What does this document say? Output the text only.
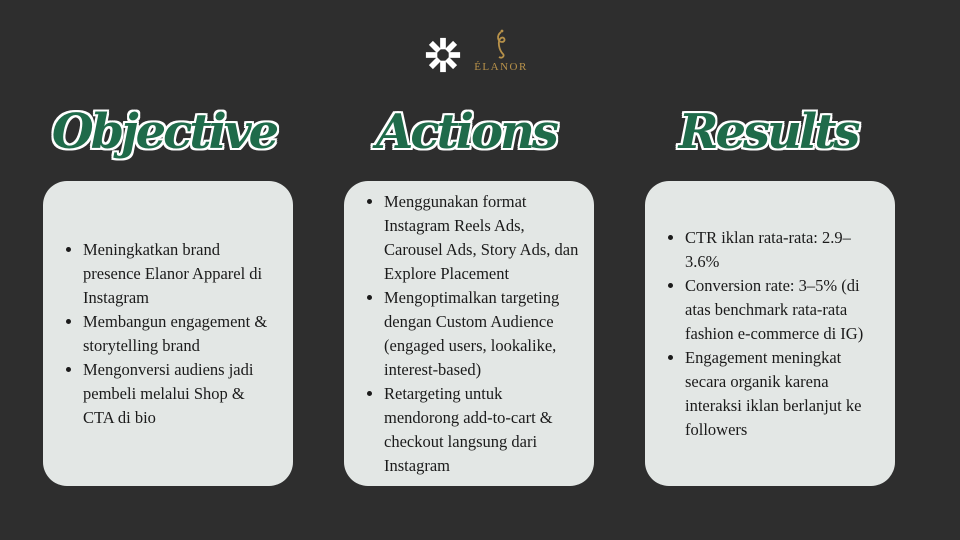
ÉLANOR
Objective	Actions	Results
• Meningkatkan brand presence Elanor Apparel di Instagram
• Membangun engagement & storytelling brand
• Mengonversi audiens jadi pembeli melalui Shop & CTA di bio
• Menggunakan format Instagram Reels Ads, Carousel Ads, Story Ads, dan Explore Placement
• Mengoptimalkan targeting dengan Custom Audience (engaged users, lookalike, interest-based)
• Retargeting untuk mendorong add-to-cart & checkout langsung dari Instagram
• CTR iklan rata-rata: 2.9–3.6%
• Conversion rate: 3–5% (di atas benchmark rata-rata fashion e-commerce di IG)
• Engagement meningkat secara organik karena interaksi iklan berlanjut ke followers
